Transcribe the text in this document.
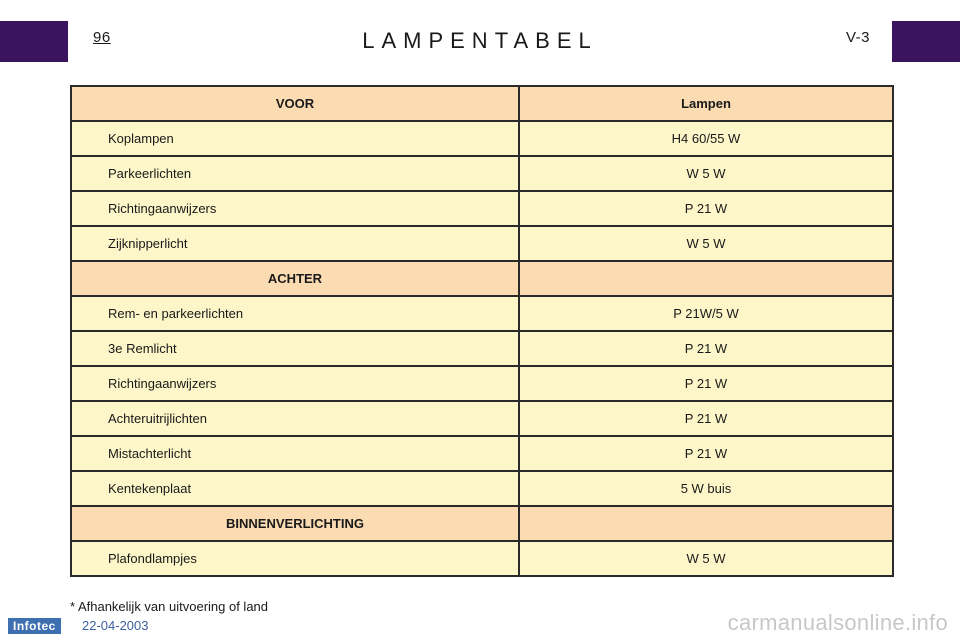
96	LAMPENTABEL	V-3
VOOR	Lampen
Koplampen	H4 60/55 W
Parkeerlichten	W 5 W
Richtingaanwijzers	P 21 W
Zijknipperlicht	W 5 W
ACHTER	
Rem- en parkeerlichten	P 21W/5 W
3e Remlicht	P 21 W
Richtingaanwijzers	P 21 W
Achteruitrijlichten	P 21 W
Mistachterlicht	P 21 W
Kentekenplaat	5 W buis
BINNENVERLICHTING	
Plafondlampjes	W 5 W
* Afhankelijk van uitvoering of land
Infotec	22-04-2003	carmanualsonline.info
